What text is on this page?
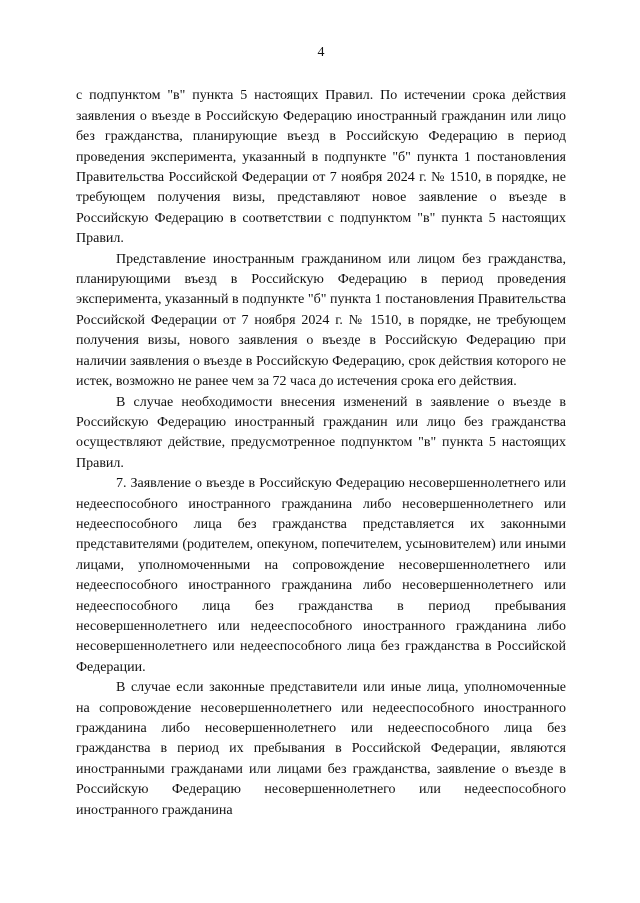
4

с подпунктом "в" пункта 5 настоящих Правил. По истечении срока действия заявления о въезде в Российскую Федерацию иностранный гражданин или лицо без гражданства, планирующие въезд в Российскую Федерацию в период проведения эксперимента, указанный в подпункте "б" пункта 1 постановления Правительства Российской Федерации от 7 ноября 2024 г. № 1510, в порядке, не требующем получения визы, представляют новое заявление о въезде в Российскую Федерацию в соответствии с подпунктом "в" пункта 5 настоящих Правил.

Представление иностранным гражданином или лицом без гражданства, планирующими въезд в Российскую Федерацию в период проведения эксперимента, указанный в подпункте "б" пункта 1 постановления Правительства Российской Федерации от 7 ноября 2024 г. № 1510, в порядке, не требующем получения визы, нового заявления о въезде в Российскую Федерацию при наличии заявления о въезде в Российскую Федерацию, срок действия которого не истек, возможно не ранее чем за 72 часа до истечения срока его действия.

В случае необходимости внесения изменений в заявление о въезде в Российскую Федерацию иностранный гражданин или лицо без гражданства осуществляют действие, предусмотренное подпунктом "в" пункта 5 настоящих Правил.

7. Заявление о въезде в Российскую Федерацию несовершеннолетнего или недееспособного иностранного гражданина либо несовершеннолетнего или недееспособного лица без гражданства представляется их законными представителями (родителем, опекуном, попечителем, усыновителем) или иными лицами, уполномоченными на сопровождение несовершеннолетнего или недееспособного иностранного гражданина либо несовершеннолетнего или недееспособного лица без гражданства в период пребывания несовершеннолетнего или недееспособного иностранного гражданина либо несовершеннолетнего или недееспособного лица без гражданства в Российской Федерации.

В случае если законные представители или иные лица, уполномоченные на сопровождение несовершеннолетнего или недееспособного иностранного гражданина либо несовершеннолетнего или недееспособного лица без гражданства в период их пребывания в Российской Федерации, являются иностранными гражданами или лицами без гражданства, заявление о въезде в Российскую Федерацию несовершеннолетнего или недееспособного иностранного гражданина
